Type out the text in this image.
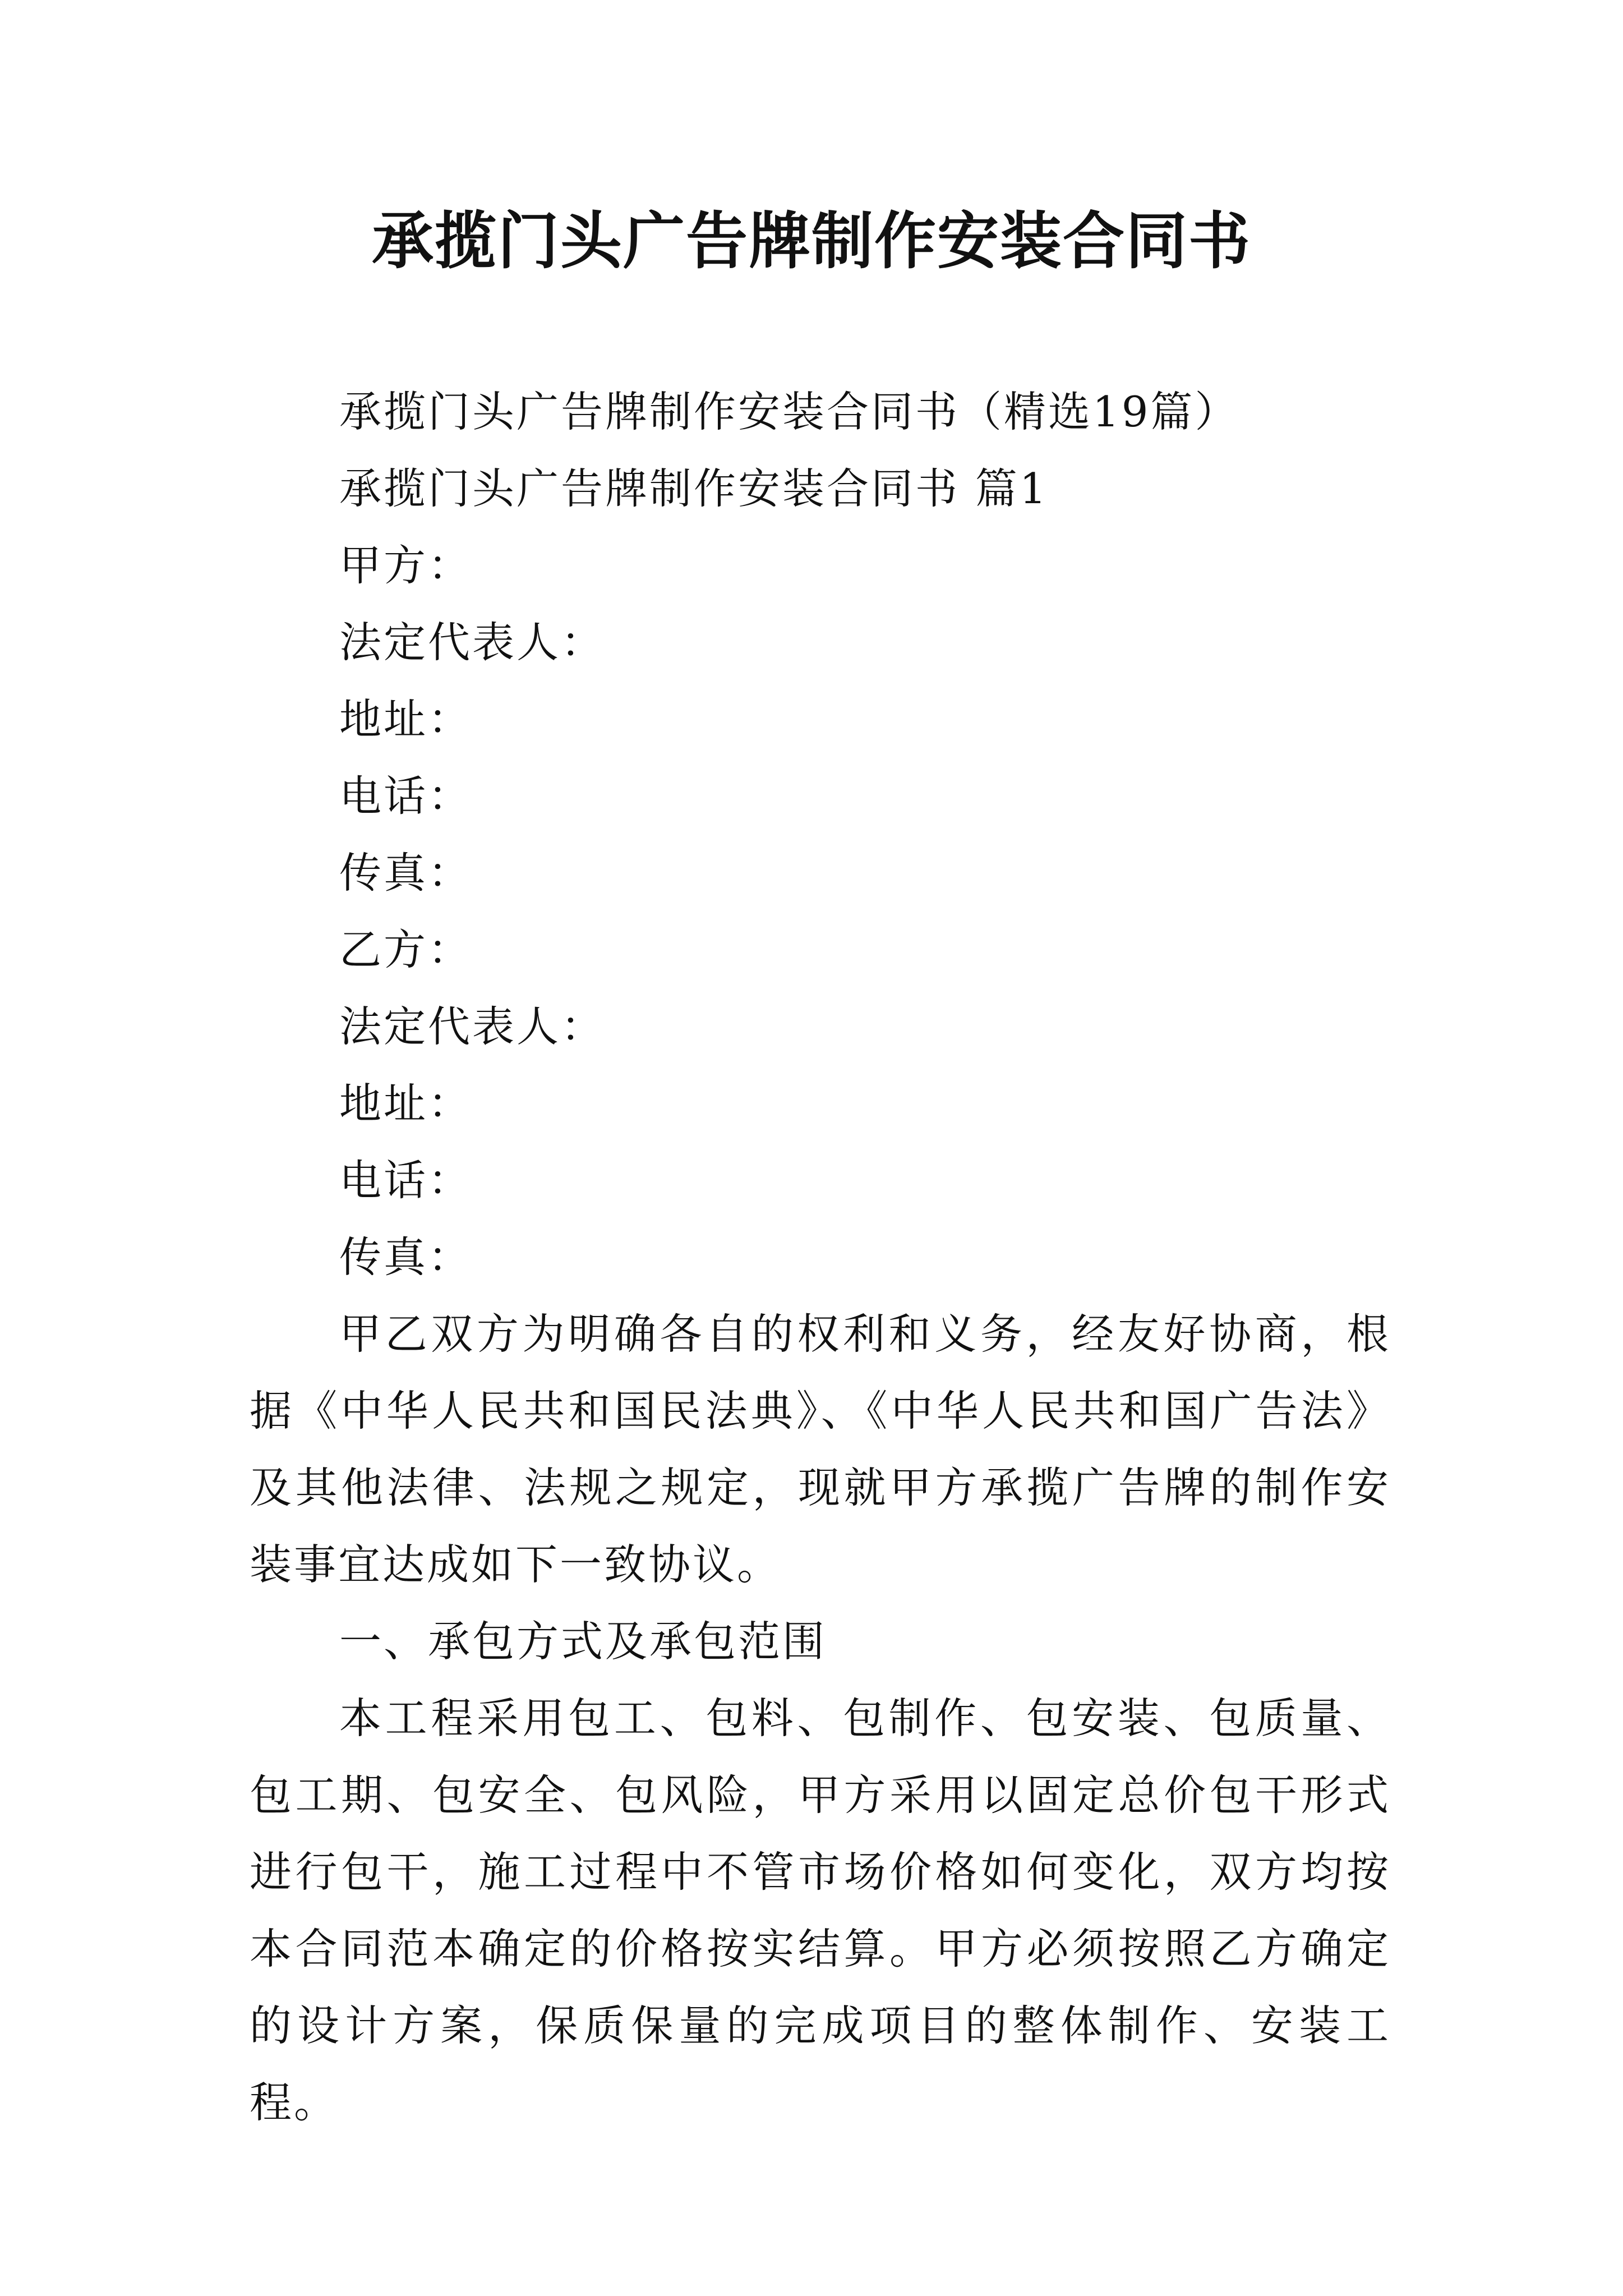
承揽门头广告牌制作安装合同书

承揽门头广告牌制作安装合同书（精选19篇）

承揽门头广告牌制作安装合同书 篇1

甲方：

法定代表人：

地址：

电话：

传真：

乙方：

法定代表人：

地址：

电话：

传真：

甲乙双方为明确各自的权利和义务，经友好协商，根据《中华人民共和国民法典》、《中华人民共和国广告法》及其他法律、法规之规定，现就甲方承揽广告牌的制作安装事宜达成如下一致协议。

一、承包方式及承包范围

本工程采用包工、包料、包制作、包安装、包质量、包工期、包安全、包风险，甲方采用以固定总价包干形式进行包干，施工过程中不管市场价格如何变化，双方均按本合同范本确定的价格按实结算。甲方必须按照乙方确定的设计方案，保质保量的完成项目的整体制作、安装工程。
